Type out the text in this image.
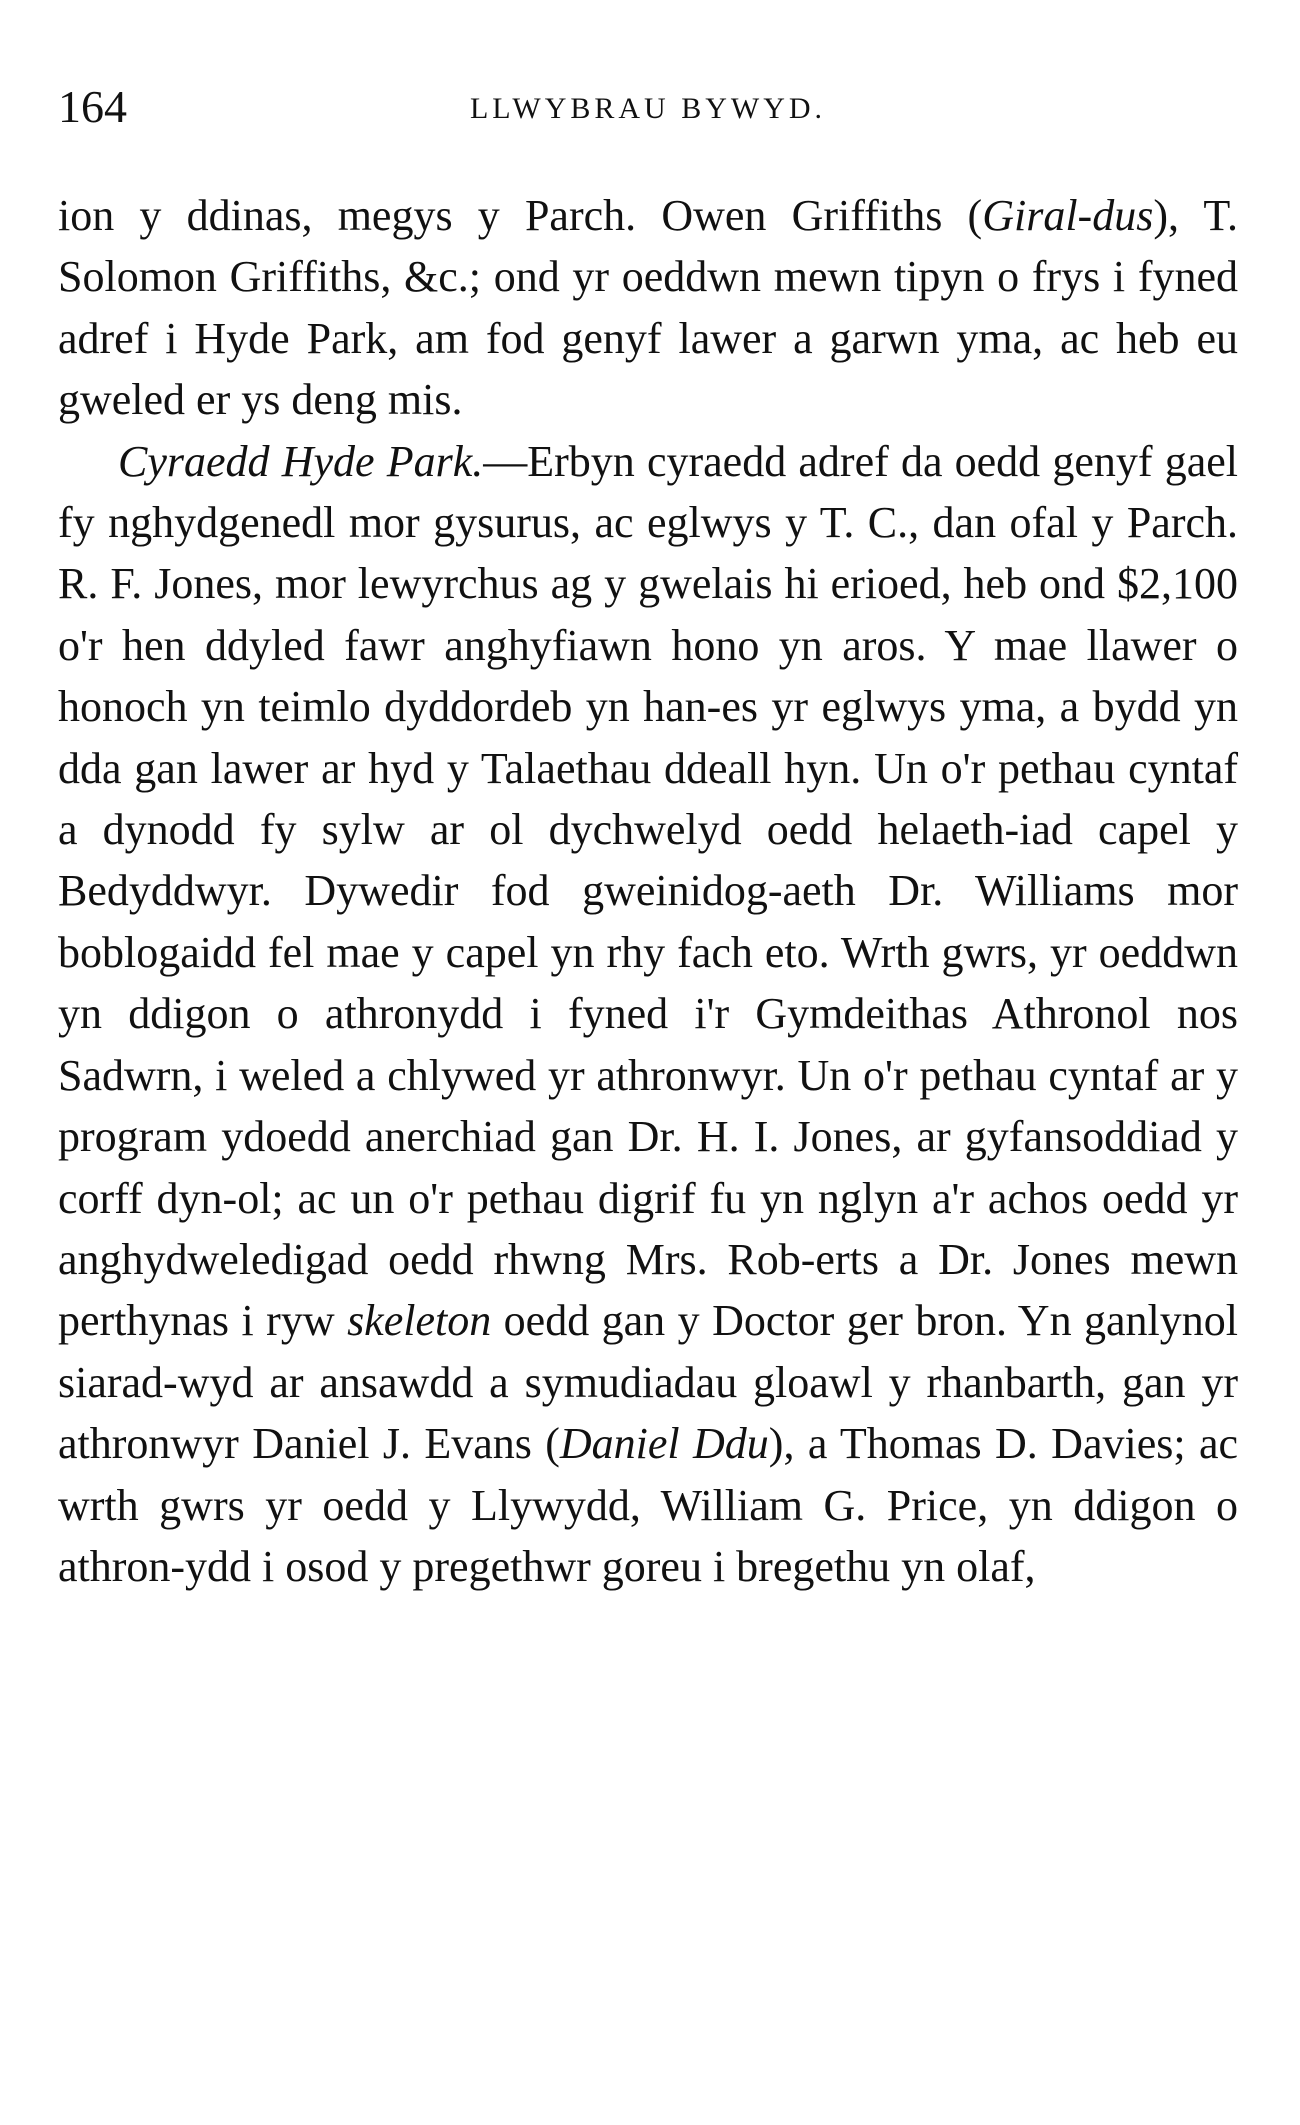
164	LLWYBRAU BYWYD.

ion y ddinas, megys y Parch. Owen Griffiths (Giral-dus), T. Solomon Griffiths, &c.; ond yr oeddwn mewn tipyn o frys i fyned adref i Hyde Park, am fod genyf lawer a garwn yma, ac heb eu gweled er ys deng mis.

Cyraedd Hyde Park.—Erbyn cyraedd adref da oedd genyf gael fy nghydgenedl mor gysurus, ac eglwys y T. C., dan ofal y Parch. R. F. Jones, mor lewyrchus ag y gwelais hi erioed, heb ond $2,100 o'r hen ddyled fawr anghyfiawn hono yn aros. Y mae llawer o honoch yn teimlo dyddordeb yn han-es yr eglwys yma, a bydd yn dda gan lawer ar hyd y Talaethau ddeall hyn. Un o'r pethau cyntaf a dynodd fy sylw ar ol dychwelyd oedd helaeth-iad capel y Bedyddwyr. Dywedir fod gweinidog-aeth Dr. Williams mor boblogaidd fel mae y capel yn rhy fach eto. Wrth gwrs, yr oeddwn yn ddigon o athronydd i fyned i'r Gymdeithas Athronol nos Sadwrn, i weled a chlywed yr athronwyr. Un o'r pethau cyntaf ar y program ydoedd anerchiad gan Dr. H. I. Jones, ar gyfansoddiad y corff dyn-ol; ac un o'r pethau digrif fu yn nglyn a'r achos oedd yr anghydweledigad oedd rhwng Mrs. Rob-erts a Dr. Jones mewn perthynas i ryw skeleton oedd gan y Doctor ger bron. Yn ganlynol siarad-wyd ar ansawdd a symudiadau gloawl y rhanbarth, gan yr athronwyr Daniel J. Evans (Daniel Ddu), a Thomas D. Davies; ac wrth gwrs yr oedd y Llywydd, William G. Price, yn ddigon o athron-ydd i osod y pregethwr goreu i bregethu yn olaf,
